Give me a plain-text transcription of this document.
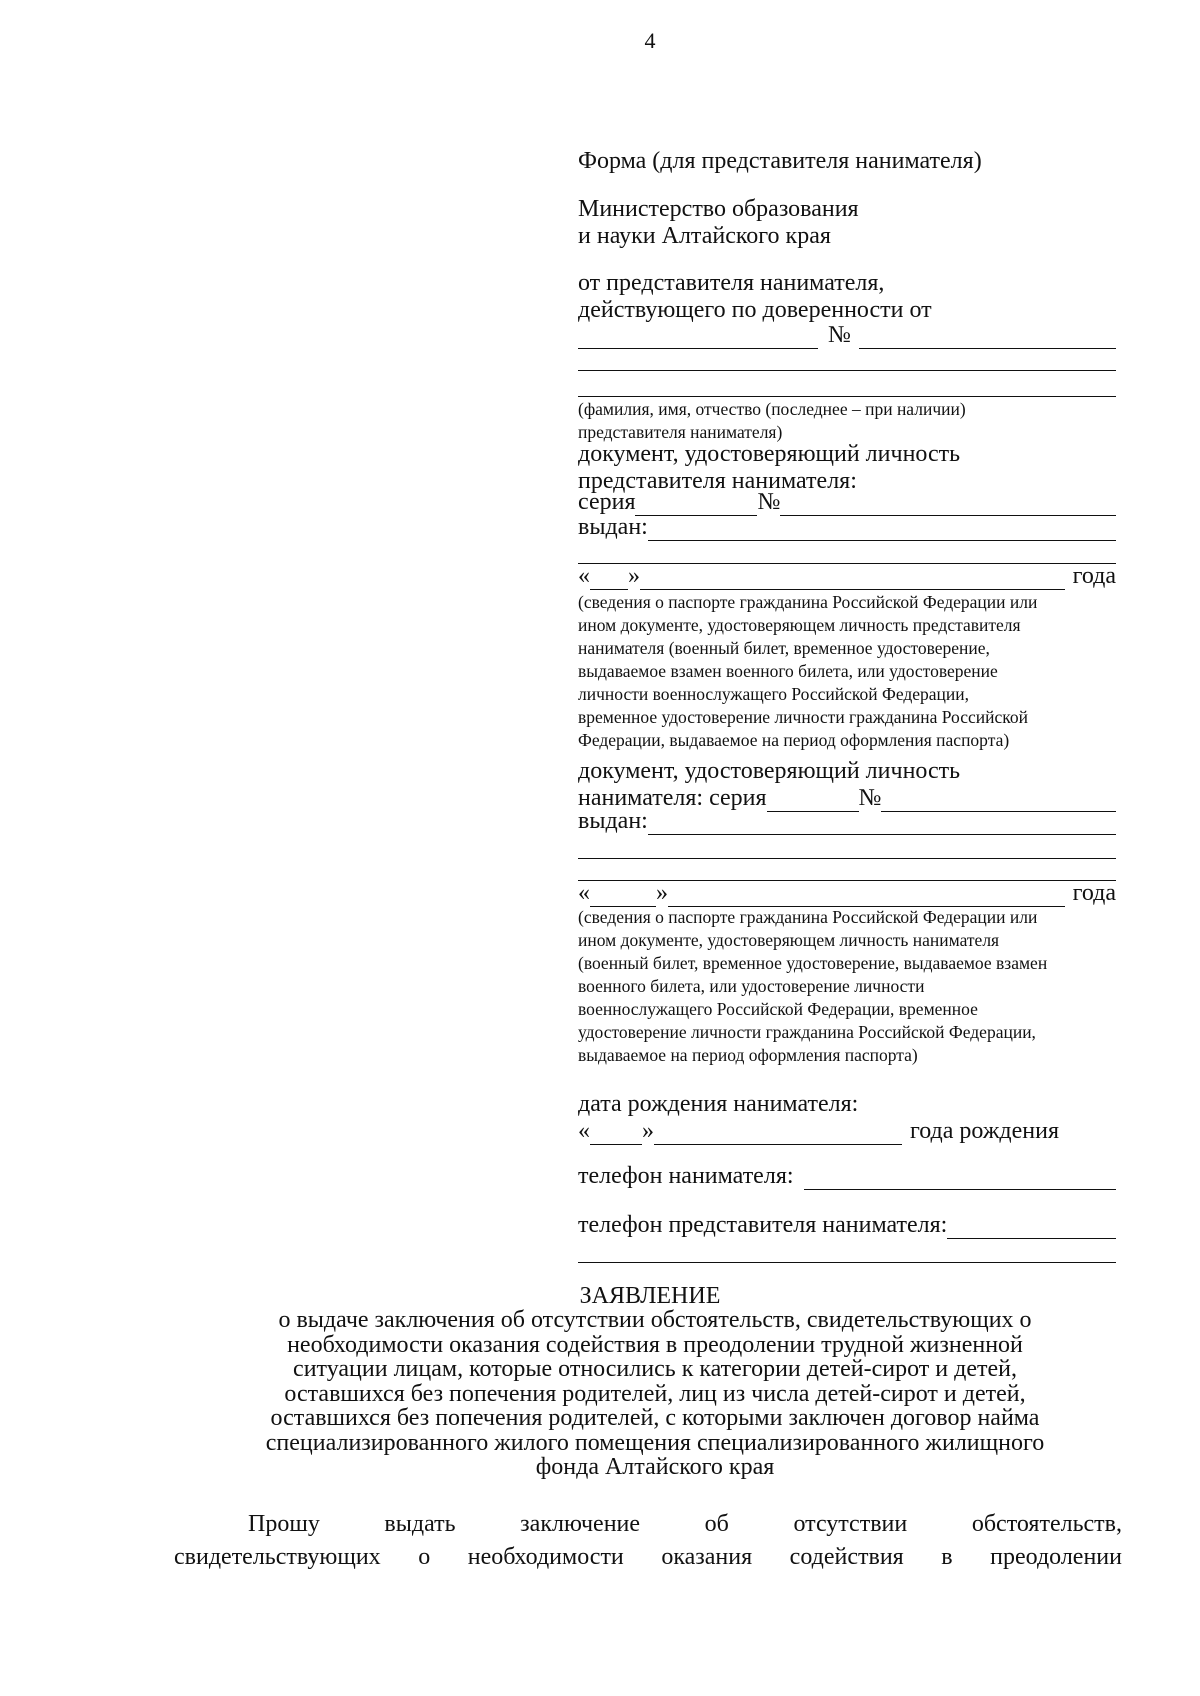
4
Форма (для представителя нанимателя)
Министерство образования
и науки Алтайского края
от представителя нанимателя,
действующего по доверенности от
№
(фамилия, имя, отчество (последнее – при наличии)
представителя нанимателя)
документ, удостоверяющий личность
представителя нанимателя:
серия	№
выдан:
« »	года
(сведения о паспорте гражданина Российской Федерации или
ином документе, удостоверяющем личность представителя
нанимателя (военный билет, временное удостоверение,
выдаваемое взамен военного билета, или удостоверение
личности военнослужащего Российской Федерации,
временное удостоверение личности гражданина Российской
Федерации, выдаваемое на период оформления паспорта)
документ, удостоверяющий личность
нанимателя: серия	№
выдан:
«	»	года
(сведения о паспорте гражданина Российской Федерации или
ином документе, удостоверяющем личность нанимателя
(военный билет, временное удостоверение, выдаваемое взамен
военного билета, или удостоверение личности
военнослужащего Российской Федерации, временное
удостоверение личности гражданина Российской Федерации,
выдаваемое на период оформления паспорта)
дата рождения нанимателя:
« »	года рождения
телефон нанимателя:
телефон представителя нанимателя:
ЗАЯВЛЕНИЕ
о выдаче заключения об отсутствии обстоятельств, свидетельствующих о
необходимости оказания содействия в преодолении трудной жизненной
ситуации лицам, которые относились к категории детей-сирот и детей,
оставшихся без попечения родителей, лиц из числа детей-сирот и детей,
оставшихся без попечения родителей, с которыми заключен договор найма
специализированного жилого помещения специализированного жилищного
фонда Алтайского края
Прошу выдать заключение об отсутствии обстоятельств,
свидетельствующих о необходимости оказания содействия в преодолении
